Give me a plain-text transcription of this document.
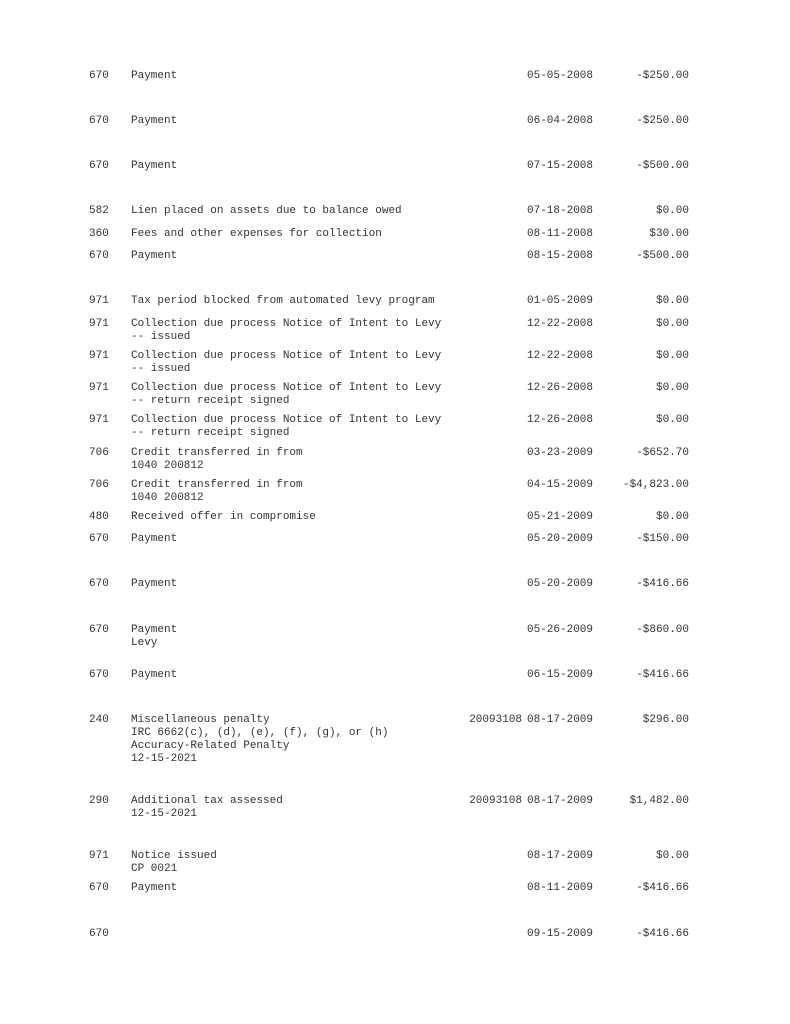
670 Payment	05-05-2008	-$250.00
670 Payment	06-04-2008	-$250.00
670 Payment	07-15-2008	-$500.00
582 Lien placed on assets due to balance owed	07-18-2008	$0.00
360 Fees and other expenses for collection	08-11-2008	$30.00
670 Payment	08-15-2008	-$500.00
971 Tax period blocked from automated levy program	01-05-2009	$0.00
971 Collection due process Notice of Intent to Levy
-- issued
12-22-2008	$0.00
971 Collection due process Notice of Intent to Levy
-- issued
12-22-2008	$0.00
971 Collection due process Notice of Intent to Levy
-- return receipt signed
12-26-2008	$0.00
971 Collection due process Notice of Intent to Levy
-- return receipt signed
12-26-2008	$0.00
706 Credit transferred in from
1040 200812
03-23-2009	-$652.70
706 Credit transferred in from
1040 200812
04-15-2009	-$4,823.00
480 Received offer in compromise	05-21-2009	$0.00
670 Payment	05-20-2009	-$150.00
670 Payment	05-20-2009	-$416.66
670 Payment
Levy
05-26-2009	-$860.00
670 Payment	06-15-2009	-$416.66
240 Miscellaneous penalty
IRC 6662(c), (d), (e), (f), (g), or (h)
Accuracy-Related Penalty
12-15-2021
20093108 08-17-2009	$296.00
290 Additional tax assessed
12-15-2021
20093108 08-17-2009	$1,482.00
971 Notice issued
CP 0021
08-17-2009	$0.00
670 Payment	08-11-2009	-$416.66
670	09-15-2009	-$416.66
